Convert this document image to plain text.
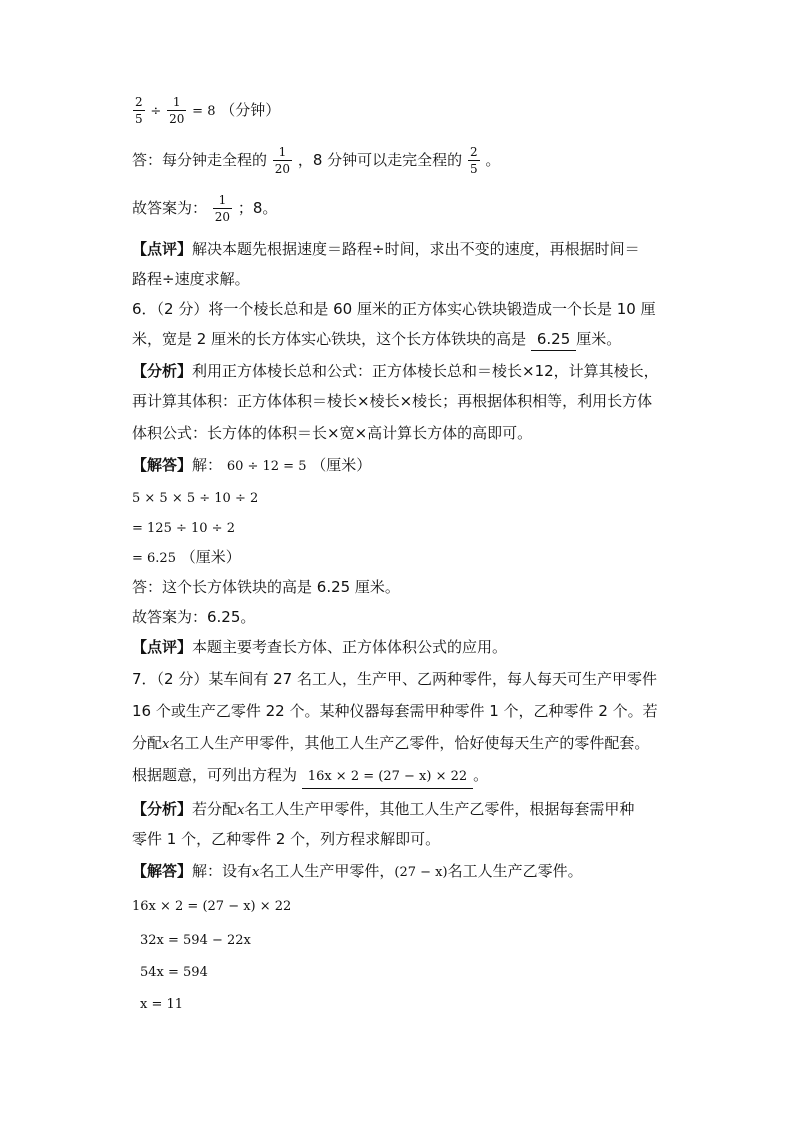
$\frac{2}{5} \div \frac{1}{20} = 8$ （分钟）
答：每分钟走全程的 $\frac{1}{20}$ ，8 分钟可以走完全程的 $\frac{2}{5}$ 。
故答案为： $\frac{1}{20}$ ；8。
【点评】解决本题先根据速度＝路程÷时间，求出不变的速度，再根据时间＝
路程÷速度求解。
6．（2 分）将一个棱长总和是 60 厘米的正方体实心铁块锻造成一个长是 10 厘
米，宽是 2 厘米的长方体实心铁块，这个长方体铁块的高是 6.25 厘米。
【分析】利用正方体棱长总和公式：正方体棱长总和＝棱长×12，计算其棱长，
再计算其体积：正方体体积＝棱长×棱长×棱长；再根据体积相等，利用长方体
体积公式：长方体的体积＝长×宽×高计算长方体的高即可。
【解答】解： 60 ÷ 12 = 5 （厘米）
5 × 5 × 5 ÷ 10 ÷ 2
= 125 ÷ 10 ÷ 2
= 6.25 （厘米）
答：这个长方体铁块的高是 6.25 厘米。
故答案为：6.25。
【点评】本题主要考查长方体、正方体体积公式的应用。
7．（2 分）某车间有 27 名工人，生产甲、乙两种零件，每人每天可生产甲零件
16 个或生产乙零件 22 个。某种仪器每套需甲种零件 1 个，乙种零件 2 个。若
分配x名工人生产甲零件，其他工人生产乙零件，恰好使每天生产的零件配套。
根据题意，可列出方程为 16x × 2 = (27 − x) × 22 。
【分析】若分配x名工人生产甲零件，其他工人生产乙零件，根据每套需甲种
零件 1 个，乙种零件 2 个，列方程求解即可。
【解答】解：设有x名工人生产甲零件，(27 − x)名工人生产乙零件。
16x × 2 = (27 − x) × 22
32x = 594 − 22x
54x = 594
x = 11
